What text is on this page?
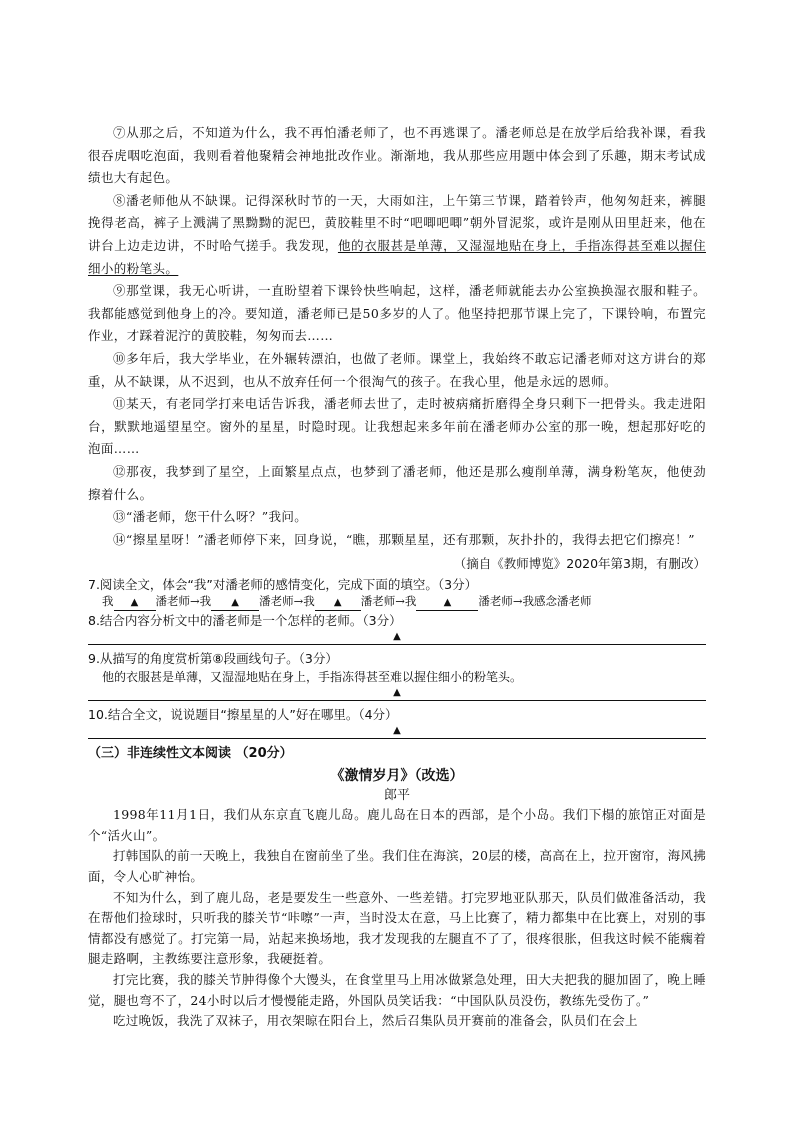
⑦从那之后，不知道为什么，我不再怕潘老师了，也不再逃课了。潘老师总是在放学后给我补课，看我很吞虎咽吃泡面，我则看着他聚精会神地批改作业。渐渐地，我从那些应用题中体会到了乐趣，期末考试成绩也大有起色。

⑧潘老师他从不缺课。记得深秋时节的一天，大雨如注，上午第三节课，踏着铃声，他匆匆赶来，裤腿挽得老高，裤子上溅满了黑黝黝的泥巴，黄胶鞋里不时“吧唧吧唧”朝外冒泥浆，或许是刚从田里赶来，他在讲台上边走边讲，不时哈气搓手。我发现，他的衣服甚是单薄，又湿湿地贴在身上，手指冻得甚至难以握住细小的粉笔头。

⑨那堂课，我无心听讲，一直盼望着下课铃快些响起，这样，潘老师就能去办公室换换湿衣服和鞋子。我都能感觉到他身上的冷。要知道，潘老师已是50多岁的人了。他坚持把那节课上完了，下课铃响，布置完作业，才踩着泥泞的黄胶鞋，匆匆而去……

⑩多年后，我大学毕业，在外辗转漂泊，也做了老师。课堂上，我始终不敢忘记潘老师对这方讲台的郑重，从不缺课，从不迟到，也从不放弃任何一个很淘气的孩子。在我心里，他是永远的恩师。

⑪某天，有老同学打来电话告诉我，潘老师去世了，走时被病痛折磨得全身只剩下一把骨头。我走进阳台，默默地遥望星空。窗外的星星，时隐时现。让我想起来多年前在潘老师办公室的那一晚，想起那好吃的泡面……

⑫那夜，我梦到了星空，上面繁星点点，也梦到了潘老师，他还是那么瘦削单薄，满身粉笔灰，他使劲擦着什么。

⑬“潘老师，您干什么呀？”我问。

⑭“擦星星呀！”潘老师停下来，回身说，“瞧，那颗星星，还有那颗，灰扑扑的，我得去把它们擦亮！”

（摘自《教师博览》2020年第3期，有删改）

7.阅读全文，体会“我”对潘老师的感情变化，完成下面的填空。（3分）

我 ▲ 潘老师→我 ▲ 潘老师→我 ▲ 潘老师→我	▲ 潘老师→我感念潘老师

8.结合内容分析文中的潘老师是一个怎样的老师。（3分）

▲

9.从描写的角度赏析第⑧段画线句子。（3分）

他的衣服甚是单薄，又湿湿地贴在身上，手指冻得甚至难以握住细小的粉笔头。

▲

10.结合全文，说说题目“擦星星的人”好在哪里。（4分）

▲

（三）非连续性文本阅读 （20分）

《激情岁月》（改选）

郎平

1998年11月1日，我们从东京直飞鹿儿岛。鹿儿岛在日本的西部，是个小岛。我们下榻的旅馆正对面是个“活火山”。

打韩国队的前一天晚上，我独自在窗前坐了坐。我们住在海滨，20层的楼，高高在上，拉开窗帘，海风拂面，令人心旷神怡。

不知为什么，到了鹿儿岛，老是要发生一些意外、一些差错。打完罗地亚队那天，队员们做准备活动，我在帮他们捡球时，只听我的膝关节“咔嚓”一声，当时没太在意，马上比赛了，精力都集中在比赛上，对别的事情都没有感觉了。打完第一局，站起来换场地，我才发现我的左腿直不了了，很疼很胀，但我这时候不能瘸着腿走路啊，主教练要注意形象，我硬挺着。

打完比赛，我的膝关节肿得像个大馒头，在食堂里马上用冰做紧急处理，田大夫把我的腿加固了，晚上睡觉，腿也弯不了，24小时以后才慢慢能走路，外国队员笑话我：“中国队队员没伤，教练先受伤了。”

吃过晚饭，我洗了双袜子，用衣架晾在阳台上，然后召集队员开赛前的准备会，队员们在会上
